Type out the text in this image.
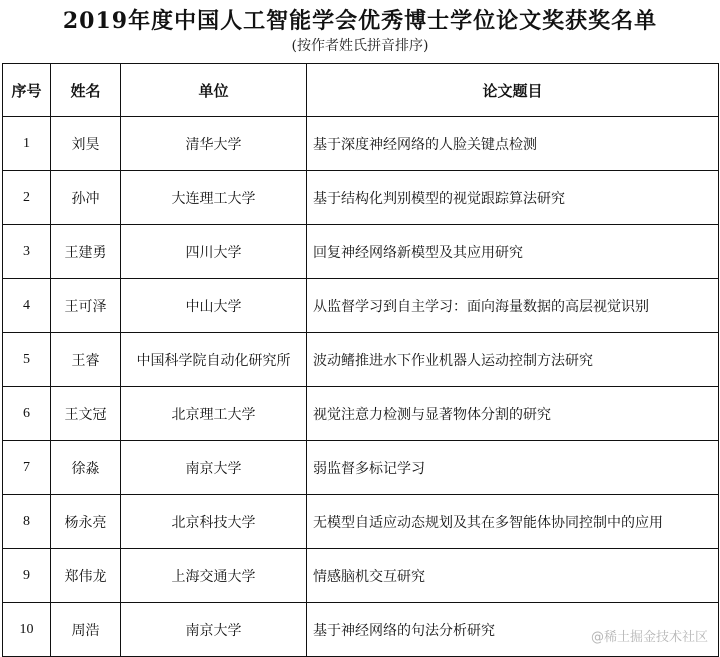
2019年度中国人工智能学会优秀博士学位论文奖获奖名单
(按作者姓氏拼音排序)
序号	姓名	单位	论文题目
1	刘昊	清华大学	基于深度神经网络的人脸关键点检测
2	孙冲	大连理工大学	基于结构化判别模型的视觉跟踪算法研究
3	王建勇	四川大学	回复神经网络新模型及其应用研究
4	王可泽	中山大学	从监督学习到自主学习：面向海量数据的高层视觉识别
5	王睿	中国科学院自动化研究所	波动鳍推进水下作业机器人运动控制方法研究
6	王文冠	北京理工大学	视觉注意力检测与显著物体分割的研究
7	徐淼	南京大学	弱监督多标记学习
8	杨永亮	北京科技大学	无模型自适应动态规划及其在多智能体协同控制中的应用
9	郑伟龙	上海交通大学	情感脑机交互研究
10	周浩	南京大学	基于神经网络的句法分析研究	@稀土掘金技术社区
